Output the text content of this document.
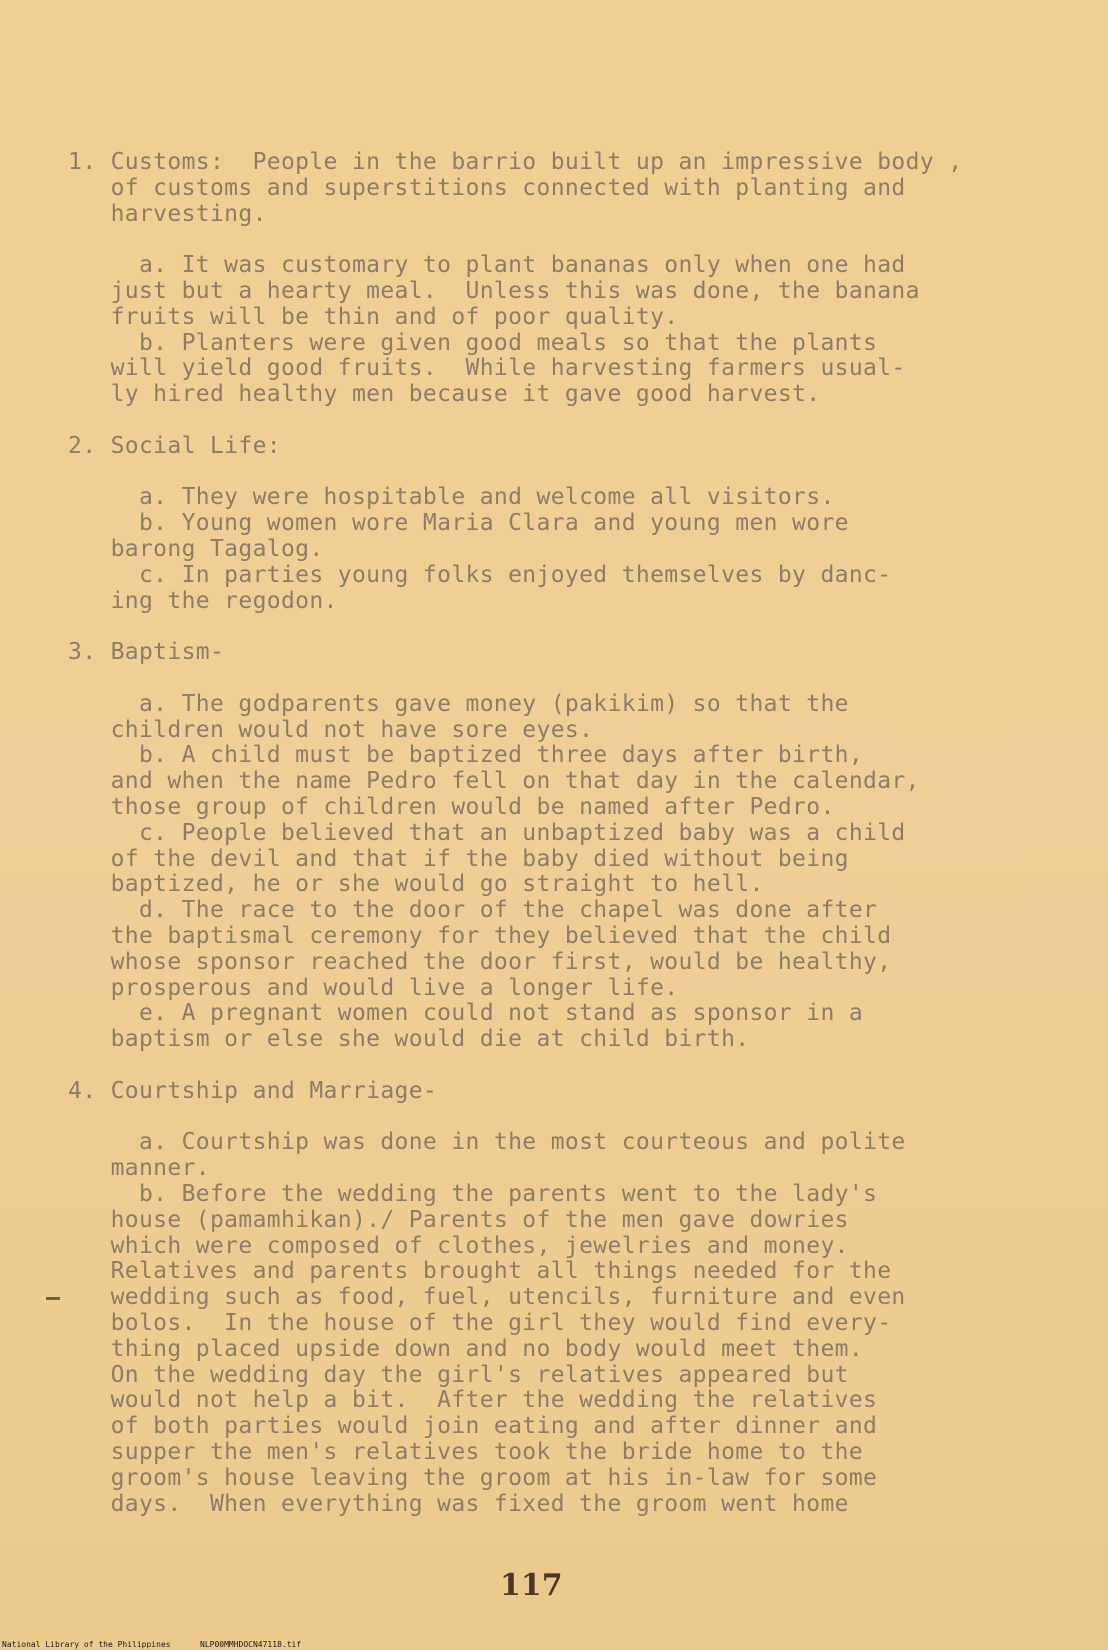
1. Customs:  People in the barrio built up an impressive body ,
of customs and superstitions connected with planting and
harvesting.
a. It was customary to plant bananas only when one had
just but a hearty meal.  Unless this was done, the banana
fruits will be thin and of poor quality.
b. Planters were given good meals so that the plants
will yield good fruits.  While harvesting farmers usual-
ly hired healthy men because it gave good harvest.
2. Social Life:
a. They were hospitable and welcome all visitors.
b. Young women wore Maria Clara and young men wore
barong Tagalog.
c. In parties young folks enjoyed themselves by danc-
ing the regodon.
3. Baptism-
a. The godparents gave money (pakikim) so that the
children would not have sore eyes.
b. A child must be baptized three days after birth,
and when the name Pedro fell on that day in the calendar,
those group of children would be named after Pedro.
c. People believed that an unbaptized baby was a child
of the devil and that if the baby died without being
baptized, he or she would go straight to hell.
d. The race to the door of the chapel was done after
the baptismal ceremony for they believed that the child
whose sponsor reached the door first, would be healthy,
prosperous and would live a longer life.
e. A pregnant women could not stand as sponsor in a
baptism or else she would die at child birth.
4. Courtship and Marriage-
a. Courtship was done in the most courteous and polite
manner.
b. Before the wedding the parents went to the lady's
house (pamamhikan)./ Parents of the men gave dowries
which were composed of clothes, jewelries and money.
Relatives and parents brought all things needed for the
wedding such as food, fuel, utencils, furniture and even
bolos.  In the house of the girl they would find every-
thing placed upside down and no body would meet them.
On the wedding day the girl's relatives appeared but
would not help a bit.  After the wedding the relatives
of both parties would join eating and after dinner and
supper the men's relatives took the bride home to the
groom's house leaving the groom at his in-law for some
days.  When everything was fixed the groom went home
117

National Library of the Philippines

	NLP00MMHDOCN47118.tif
